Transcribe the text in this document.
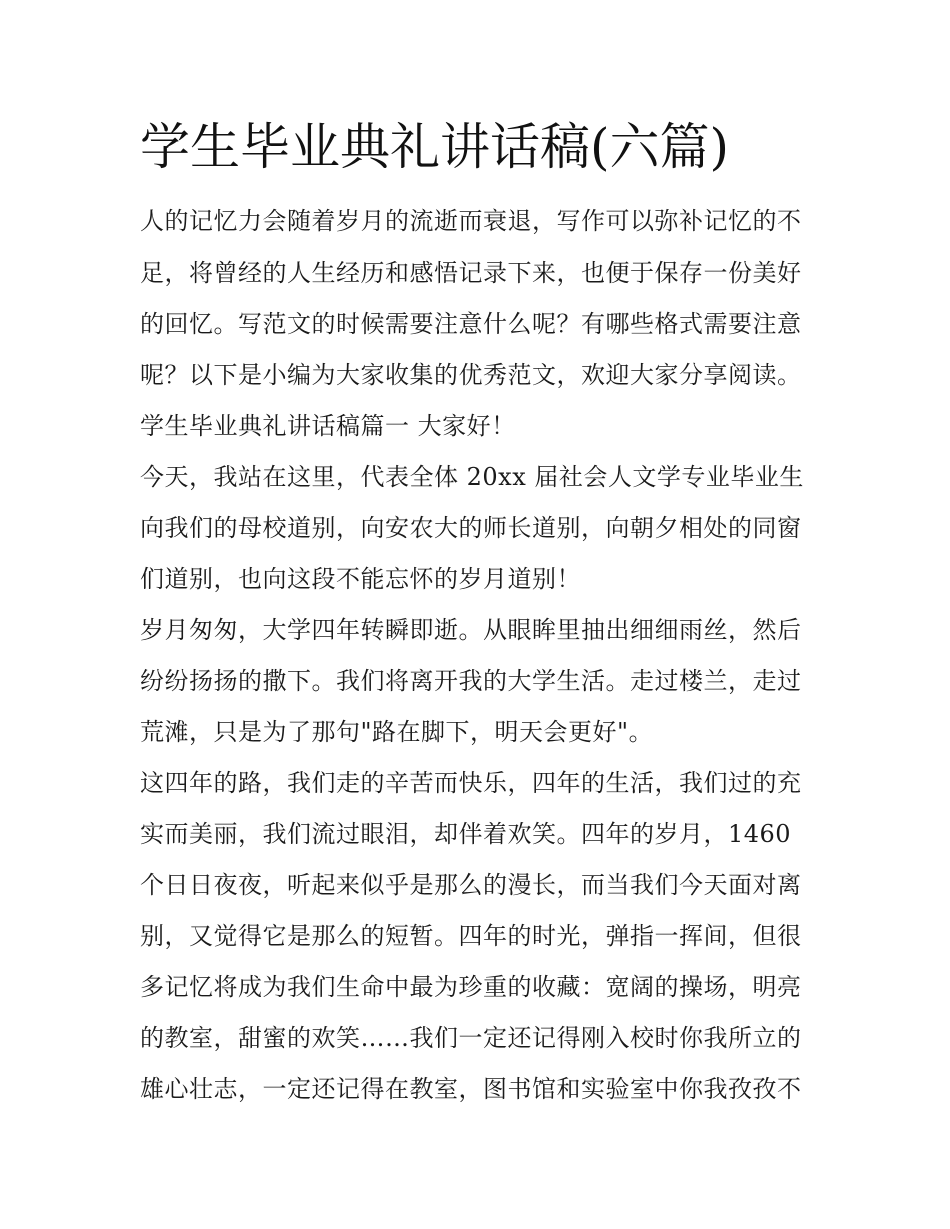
学生毕业典礼讲话稿(六篇)

人的记忆力会随着岁月的流逝而衰退，写作可以弥补记忆的不

足，将曾经的人生经历和感悟记录下来，也便于保存一份美好

的回忆。写范文的时候需要注意什么呢？有哪些格式需要注意

呢？以下是小编为大家收集的优秀范文，欢迎大家分享阅读。

学生毕业典礼讲话稿篇一 大家好！

今天，我站在这里，代表全体 20xx 届社会人文学专业毕业生

向我们的母校道别，向安农大的师长道别，向朝夕相处的同窗

们道别，也向这段不能忘怀的岁月道别！

岁月匆匆，大学四年转瞬即逝。从眼眸里抽出细细雨丝，然后

纷纷扬扬的撒下。我们将离开我的大学生活。走过楼兰，走过

荒滩，只是为了那句"路在脚下，明天会更好"。

这四年的路，我们走的辛苦而快乐，四年的生活，我们过的充

实而美丽，我们流过眼泪，却伴着欢笑。四年的岁月，1460

个日日夜夜，听起来似乎是那么的漫长，而当我们今天面对离

别，又觉得它是那么的短暂。四年的时光，弹指一挥间，但很

多记忆将成为我们生命中最为珍重的收藏：宽阔的操场，明亮

的教室，甜蜜的欢笑……我们一定还记得刚入校时你我所立的

雄心壮志，一定还记得在教室，图书馆和实验室中你我孜孜不
